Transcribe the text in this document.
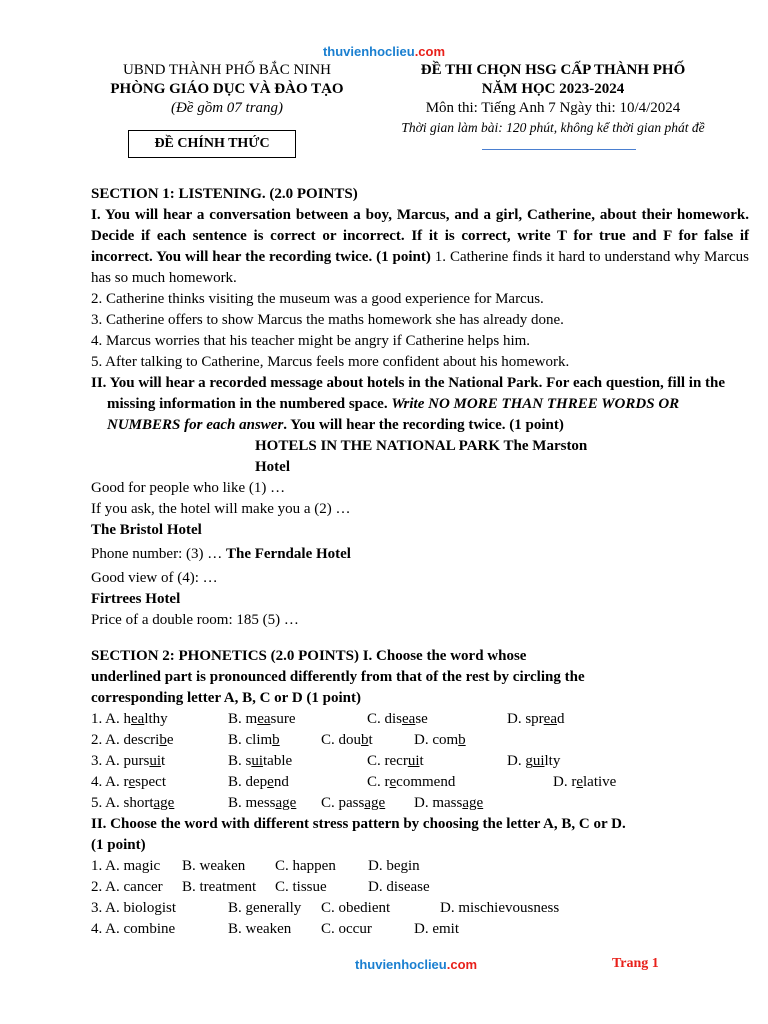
thuvienhoclieu.com
UBND THÀNH PHỐ BẮC NINH
PHÒNG GIÁO DỤC VÀ ĐÀO TẠO
(Đề gồm 07 trang)
ĐỀ CHÍNH THỨC
ĐỀ THI CHỌN HSG CẤP THÀNH PHỐ
NĂM HỌC 2023-2024
Môn thi: Tiếng Anh 7 Ngày thi: 10/4/2024
Thời gian làm bài: 120 phút, không kể thời gian phát đề

SECTION 1: LISTENING. (2.0 POINTS)

I. You will hear a conversation between a boy, Marcus, and a girl, Catherine, about their homework. Decide if each sentence is correct or incorrect. If it is correct, write T for true and F for false if incorrect. You will hear the recording twice. (1 point) 1. Catherine finds it hard to understand why Marcus has so much homework.

2. Catherine thinks visiting the museum was a good experience for Marcus.

3. Catherine offers to show Marcus the maths homework she has already done.

4. Marcus worries that his teacher might be angry if Catherine helps him.

5. After talking to Catherine, Marcus feels more confident about his homework.

II. You will hear a recorded message about hotels in the National Park. For each question, fill in the missing information in the numbered space. Write NO MORE THAN THREE WORDS OR NUMBERS for each answer. You will hear the recording twice. (1 point)

HOTELS IN THE NATIONAL PARK The Marston

Hotel

Good for people who like (1) …

If you ask, the hotel will make you a (2) …

The Bristol Hotel

Phone number: (3) … The Ferndale Hotel

Good view of (4): …

Firtrees Hotel

Price of a double room: 185 (5) …

SECTION 2: PHONETICS (2.0 POINTS) I. Choose the word whose

underlined part is pronounced differently from that of the rest by circling the

corresponding letter A, B, C or D (1 point)

1. A. healthy	B. measure	C. disease	D. spread
2. A. describe	B. climb	C. doubt	D. comb
3. A. pursuit	B. suitable	C. recruit	D. guilty
4. A. respect	B. depend	C. recommend	D. relative
5. A. shortage	B. message C. passage D. massage

II. Choose the word with different stress pattern by choosing the letter A, B, C or D.

(1 point)

1. A. magic B. weaken C. happen D. begin
2. A. cancer B. treatment C. tissue	D. disease
3. A. biologist	B. generally C. obedient	D. mischievousness
4. A. combine	B. weaken C. occur	D. emit
thuvienhoclieu.com	Trang 1
